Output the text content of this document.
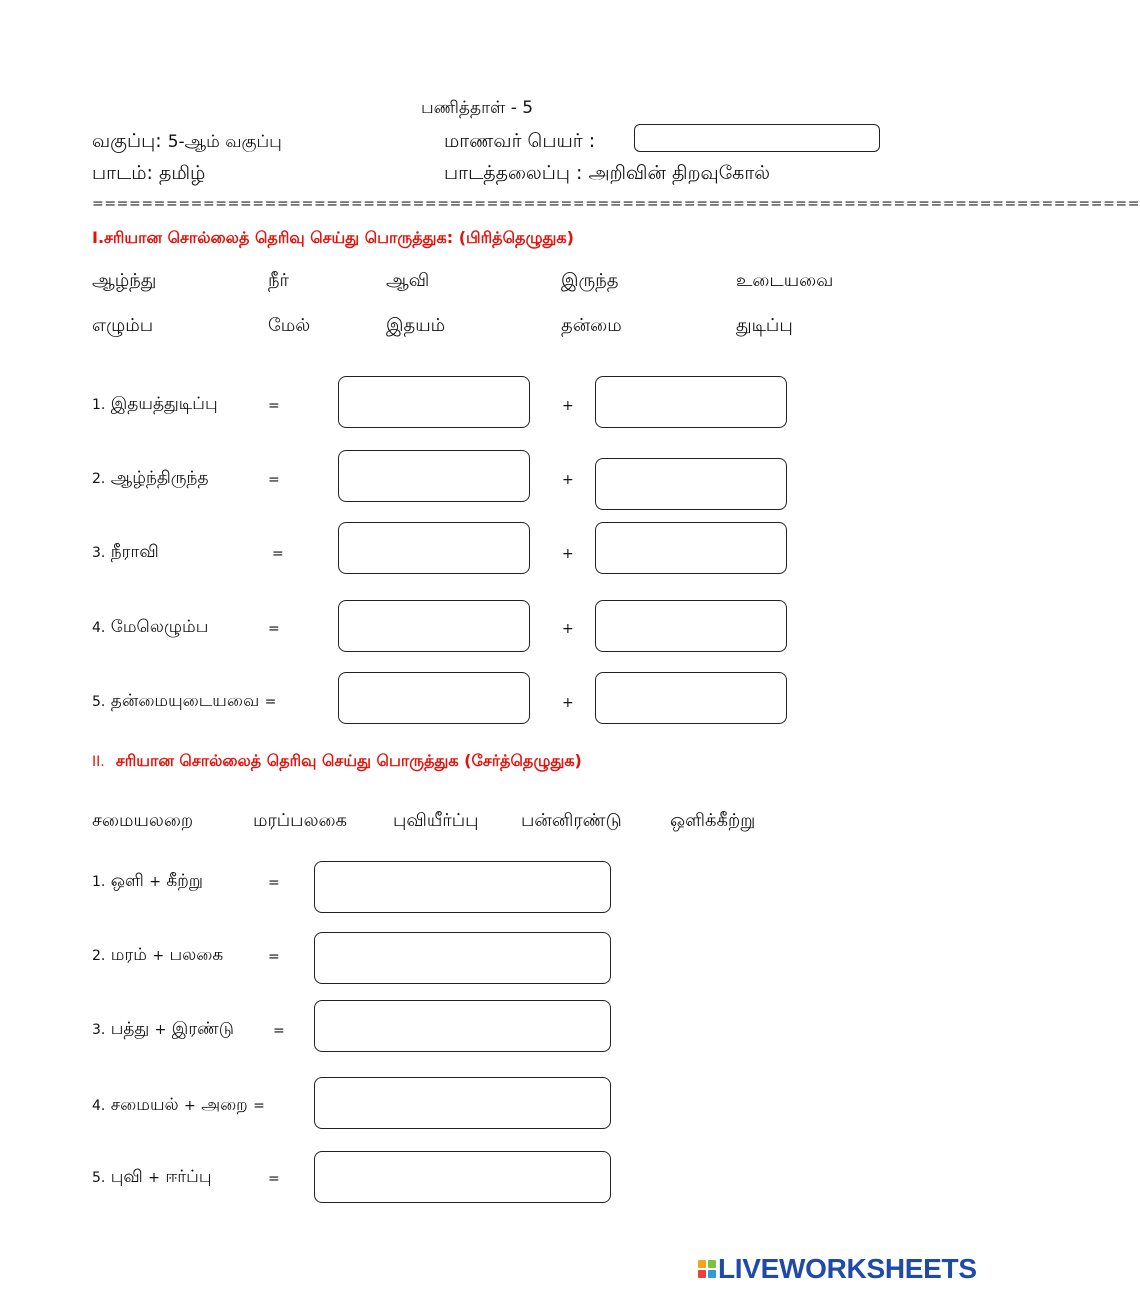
பணித்தாள் - 5
வகுப்பு: 5-ஆம் வகுப்பு	மாணவர் பெயர் :
பாடம்: தமிழ்	பாடத்தலைப்பு : அறிவின் திறவுகோல்
=====================================================================================
I.சரியான சொல்லைத் தெரிவு செய்து பொருத்துக: (பிரித்தெழுதுக)
ஆழ்ந்து	நீர்	ஆவி	இருந்த	உடையவை
எழும்ப	மேல்	இதயம்	தன்மை	துடிப்பு
1. இதயத்துடிப்பு	=	+
2. ஆழ்ந்திருந்த	=	+
3. நீராவி	=	+
4. மேலெழும்ப	=	+
5. தன்மையுடையவை =	+
II. சரியான சொல்லைத் தெரிவு செய்து பொருத்துக (சேர்த்தெழுதுக)
சமையலறை	மரப்பலகை	புவியீர்ப்பு பன்னிரண்டு	ஒளிக்கீற்று
1. ஒளி + கீற்று	=
2. மரம் + பலகை	=
3. பத்து + இரண்டு	=
4. சமையல் + அறை =
5. புவி + ஈர்ப்பு	=
LIVEWORKSHEETS
